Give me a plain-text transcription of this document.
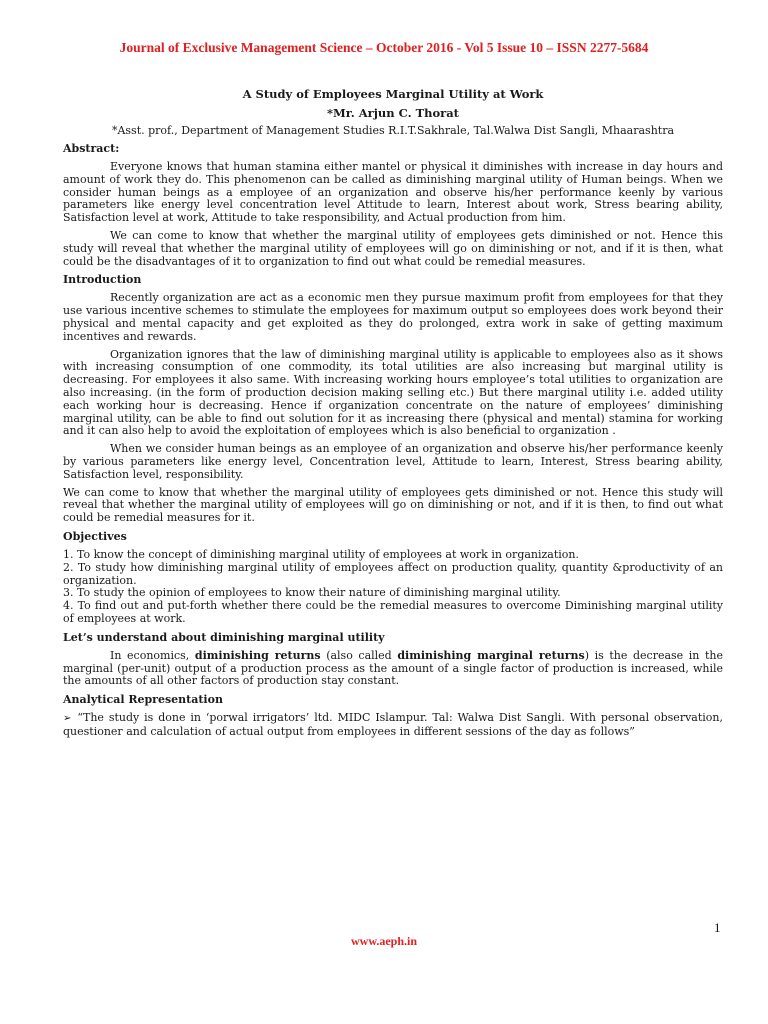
Journal of Exclusive Management Science – October 2016 - Vol 5 Issue 10 – ISSN 2277-5684
A Study of Employees Marginal Utility at Work
*Mr. Arjun C. Thorat
*Asst. prof., Department of Management Studies R.I.T.Sakhrale, Tal.Walwa Dist Sangli, Mhaarashtra
Abstract:

Everyone knows that human stamina either mantel or physical it diminishes with increase in day hours and amount of work they do. This phenomenon can be called as diminishing marginal utility of Human beings. When we consider human beings as a employee of an organization and observe his/her performance keenly by various parameters like energy level concentration level Attitude to learn, Interest about work, Stress bearing ability, Satisfaction level at work, Attitude to take responsibility, and Actual production from him.

We can come to know that whether the marginal utility of employees gets diminished or not. Hence this study will reveal that whether the marginal utility of employees will go on diminishing or not, and if it is then, what could be the disadvantages of it to organization to find out what could be remedial measures.

Introduction

Recently organization are act as a economic men they pursue maximum profit from employees for that they use various incentive schemes to stimulate the employees for maximum output so employees does work beyond their physical and mental capacity and get exploited as they do prolonged, extra work in sake of getting maximum incentives and rewards.

Organization ignores that the law of diminishing marginal utility is applicable to employees also as it shows with increasing consumption of one commodity, its total utilities are also increasing but marginal utility is decreasing. For employees it also same. With increasing working hours employee’s total utilities to organization are also increasing. (in the form of production decision making selling etc.) But there marginal utility i.e. added utility each working hour is decreasing. Hence if organization concentrate on the nature of employees’ diminishing marginal utility, can be able to find out solution for it as increasing there (physical and mental) stamina for working and it can also help to avoid the exploitation of employees which is also beneficial to organization .

When we consider human beings as an employee of an organization and observe his/her performance keenly by various parameters like energy level, Concentration level, Attitude to learn, Interest, Stress bearing ability, Satisfaction level, responsibility.

We can come to know that whether the marginal utility of employees gets diminished or not. Hence this study will reveal that whether the marginal utility of employees will go on diminishing or not, and if it is then, to find out what could be remedial measures for it.

Objectives
1. To know the concept of diminishing marginal utility of employees at work in organization.
2. To study how diminishing marginal utility of employees affect on production quality, quantity &productivity of an organization.
3. To study the opinion of employees to know their nature of diminishing marginal utility.
4. To find out and put-forth whether there could be the remedial measures to overcome Diminishing marginal utility of employees at work.
Let’s understand about diminishing marginal utility

In economics, diminishing returns (also called diminishing marginal returns) is the decrease in the marginal (per-unit) output of a production process as the amount of a single factor of production is increased, while the amounts of all other factors of production stay constant.

Analytical Representation

➢ “The study is done in ‘porwal irrigators’ ltd. MIDC Islampur. Tal: Walwa Dist Sangli. With personal observation, questioner and calculation of actual output from employees in different sessions of the day as follows”

1
www.aeph.in
